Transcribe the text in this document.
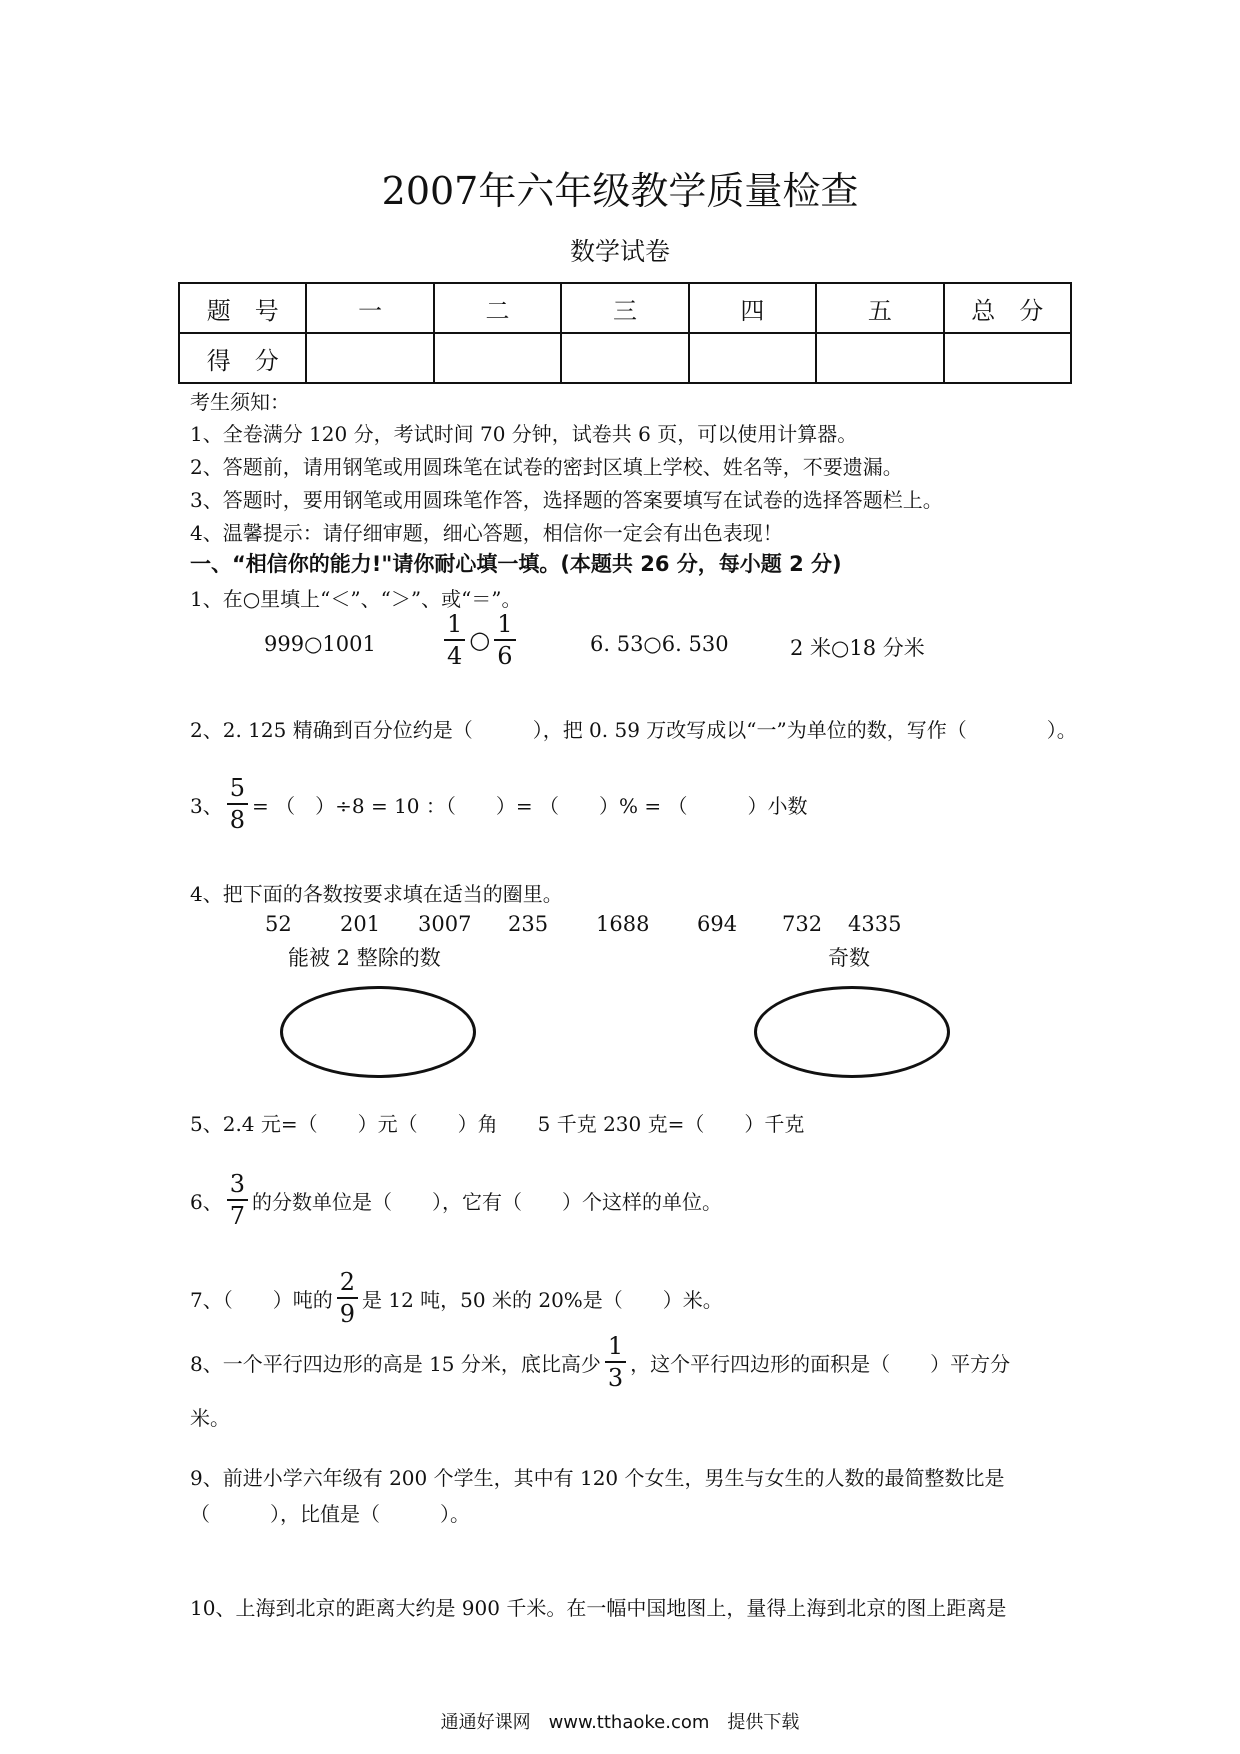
2007年六年级教学质量检查
数学试卷
题　号	一	二	三	四	五	总　分
得　分						
考生须知：
1、全卷满分 120 分，考试时间 70 分钟，试卷共 6 页，可以使用计算器。
2、答题前，请用钢笔或用圆珠笔在试卷的密封区填上学校、姓名等，不要遗漏。
3、答题时，要用钢笔或用圆珠笔作答，选择题的答案要填写在试卷的选择答题栏上。
4、温馨提示：请仔细审题，细心答题，相信你一定会有出色表现！
一、“相信你的能力!"请你耐心填一填。(本题共 26 分，每小题 2 分)
1、在○里填上“＜”、“＞”、或“＝”。
999○1001	$\frac{1}{4}$ ○ $\frac{1}{6}$	6. 53○6. 530	2 米○18 分米
2、2. 125 精确到百分位约是（　　　），把 0. 59 万改写成以“一”为单位的数，写作（　　　　）。
3、 $\frac{5}{8}$ = （　）÷8 = 10 ：（　　）= （　　）% = （　　　）小数
4、把下面的各数按要求填在适当的圈里。
52 201 3007 235 1688 694 732 4335
能被 2 整除的数	奇数
5、2.4 元=（　　）元（　　）角　　5 千克 230 克=（　　）千克
6、 $\frac{3}{7}$ 的分数单位是（　　），它有（　　）个这样的单位。
7、（　　）吨的 $\frac{2}{9}$ 是 12 吨，50 米的 20%是（　　）米。
8、一个平行四边形的高是 15 分米，底比高少 $\frac{1}{3}$ ，这个平行四边形的面积是（　　）平方分
米。
9、前进小学六年级有 200 个学生，其中有 120 个女生，男生与女生的人数的最简整数比是
（　　　），比值是（　　　）。
10、上海到北京的距离大约是 900 千米。在一幅中国地图上，量得上海到北京的图上距离是
通通好课网　www.tthaoke.com　提供下载
